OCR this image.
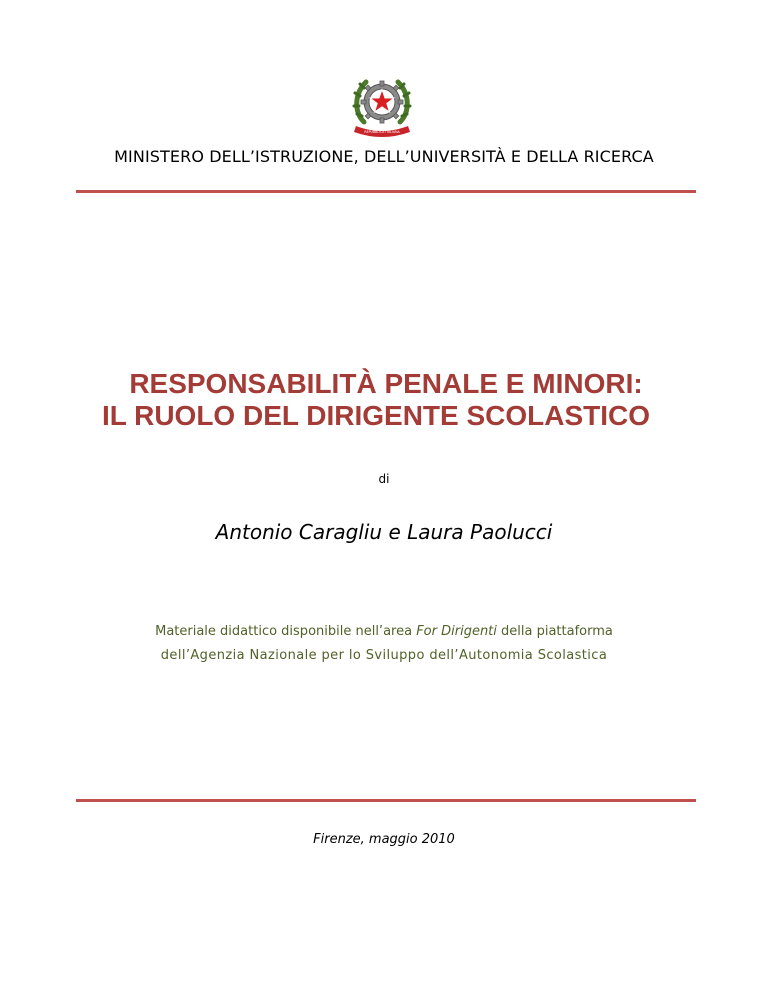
REPUBBLICA ITALIANA
MINISTERO DELL’ISTRUZIONE, DELL’UNIVERSITÀ E DELLA RICERCA
RESPONSABILITÀ PENALE E MINORI:
IL RUOLO DEL DIRIGENTE SCOLASTICO
di
Antonio Caragliu e Laura Paolucci
Materiale didattico disponibile nell’area For Dirigenti della piattaforma
dell’Agenzia Nazionale per lo Sviluppo dell’Autonomia Scolastica
Firenze, maggio 2010
